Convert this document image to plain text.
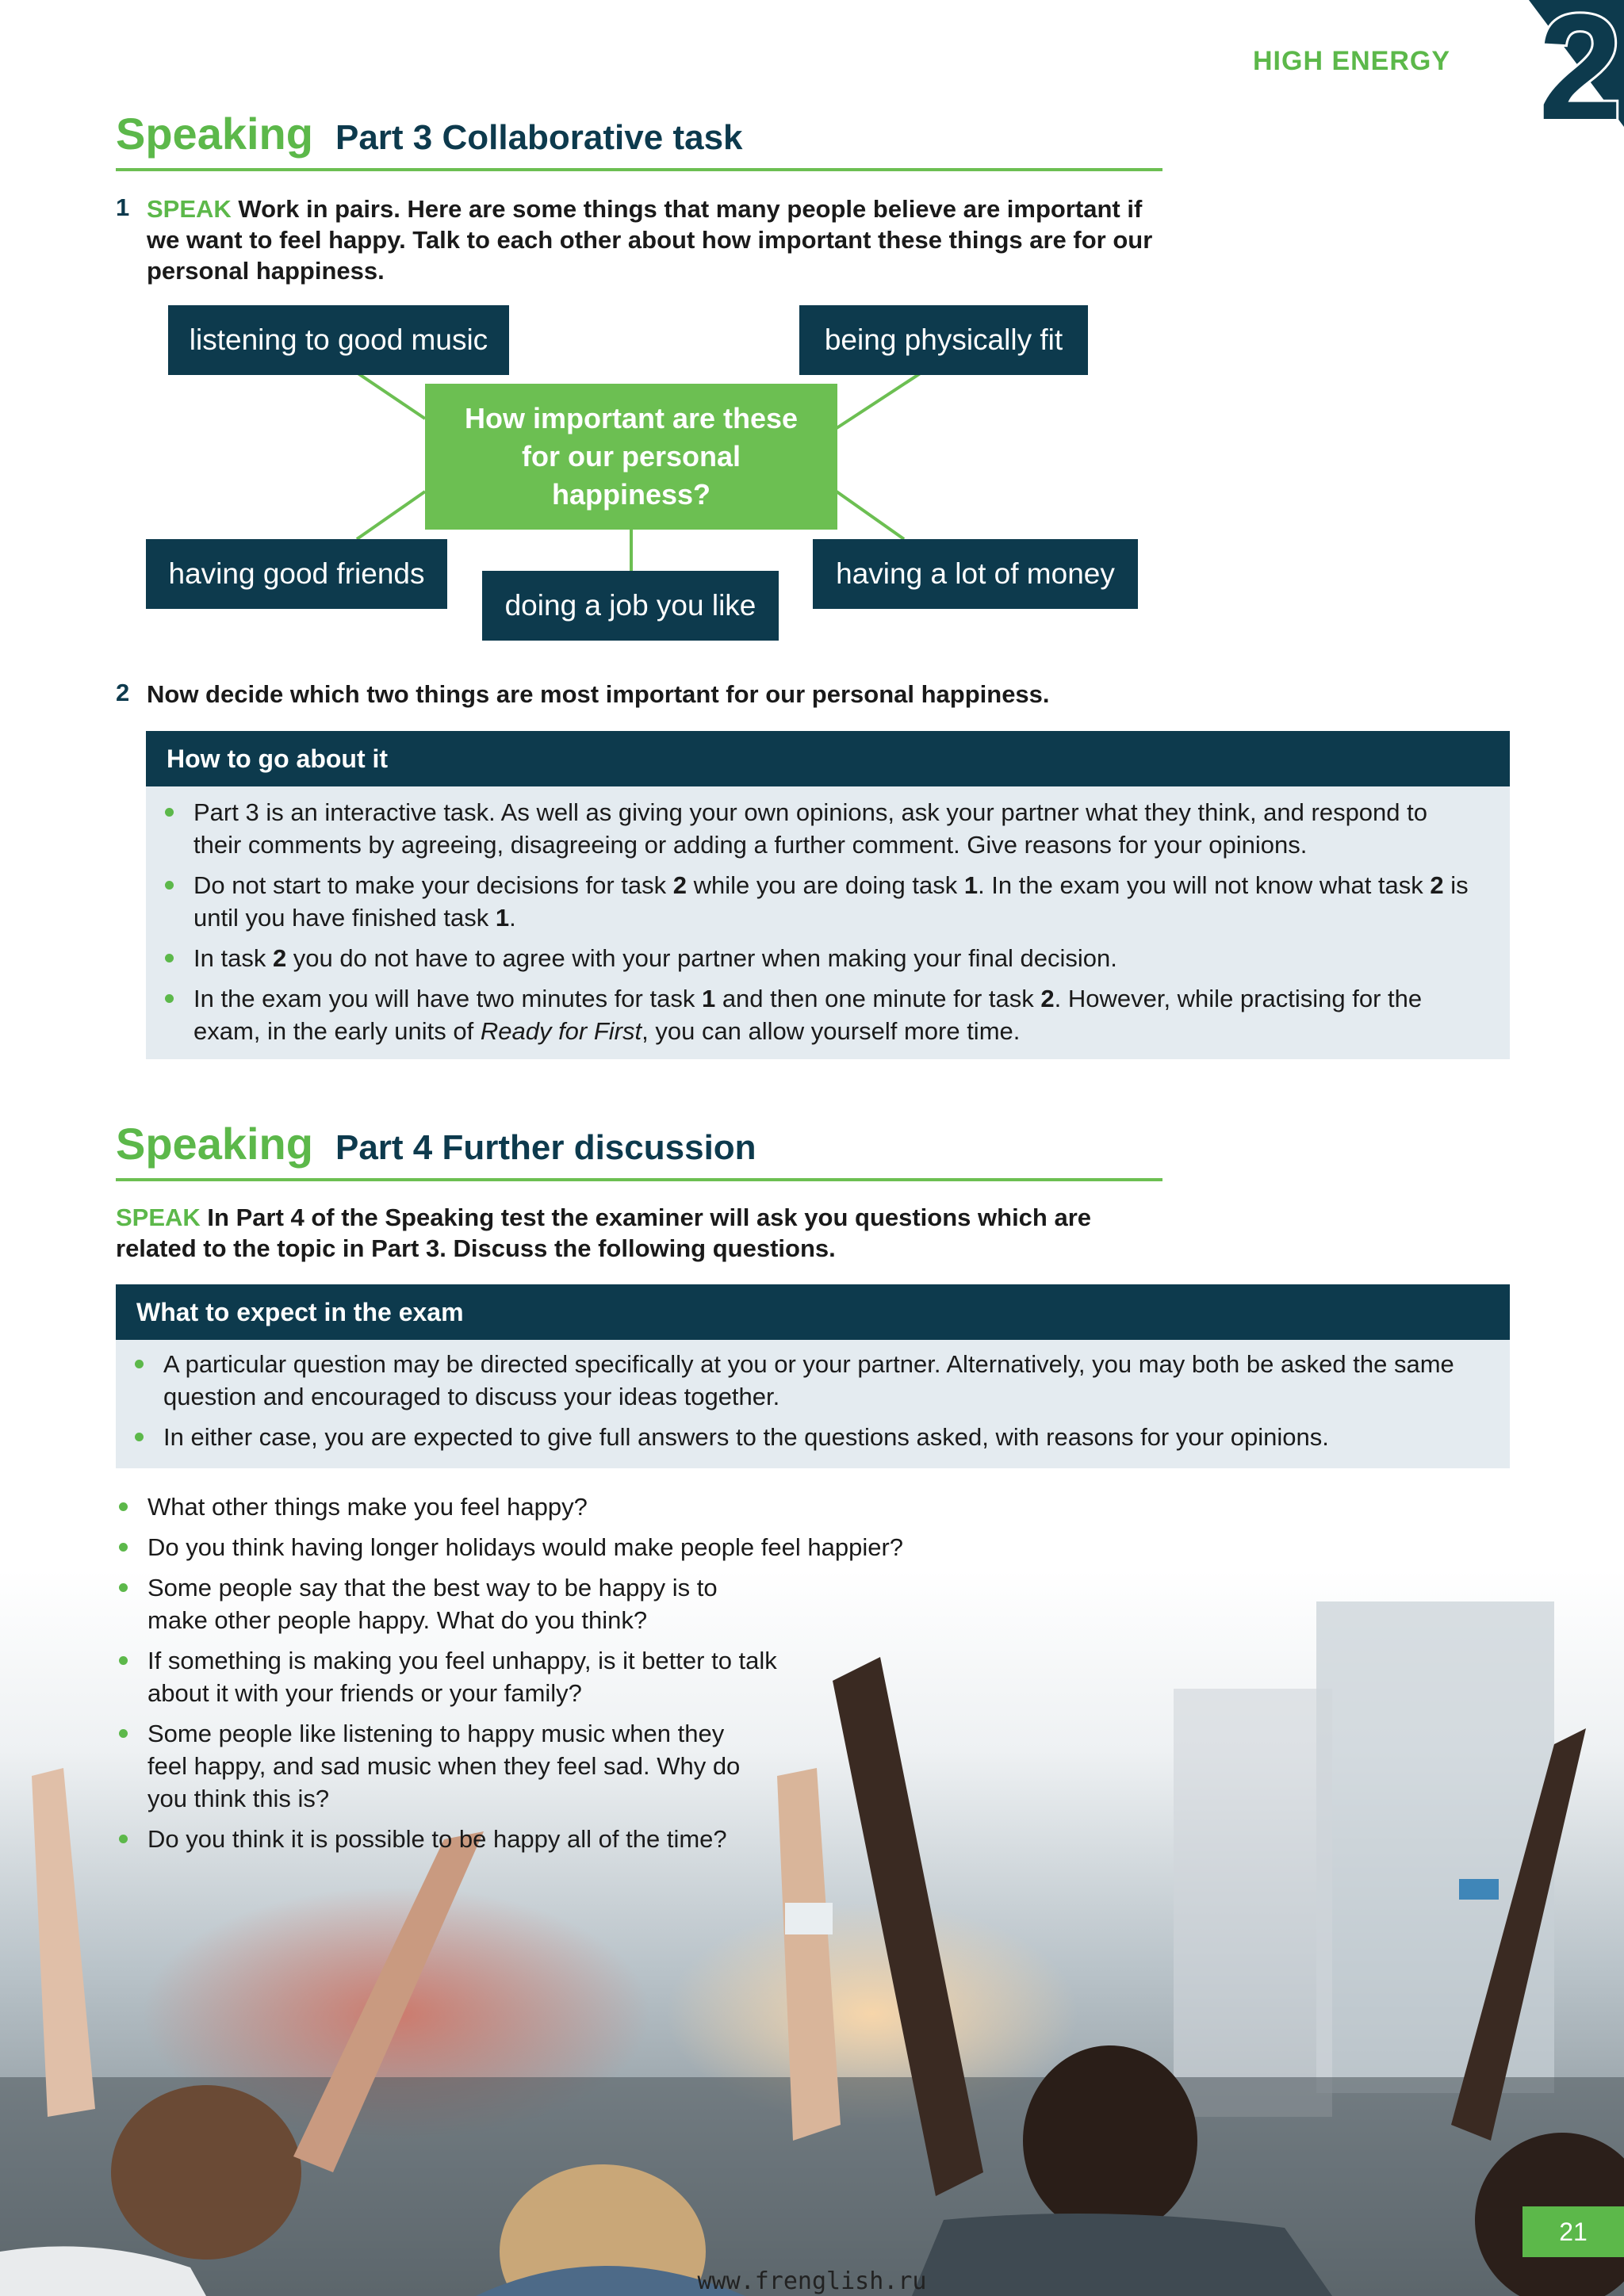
HIGH ENERGY 2
Speaking Part 3 Collaborative task
1 SPEAK Work in pairs. Here are some things that many people believe are important if we want to feel happy. Talk to each other about how important these things are for our personal happiness.
listening to good music	being physically fit
How important are these for our personal happiness?
having good friends
doing a job you like
having a lot of money
2 Now decide which two things are most important for our personal happiness.
How to go about it
Part 3 is an interactive task. As well as giving your own opinions, ask your partner what they think, and respond to their comments by agreeing, disagreeing or adding a further comment. Give reasons for your opinions.
Do not start to make your decisions for task 2 while you are doing task 1. In the exam you will not know what task 2 is until you have finished task 1.
In task 2 you do not have to agree with your partner when making your final decision.
In the exam you will have two minutes for task 1 and then one minute for task 2. However, while practising for the exam, in the early units of Ready for First, you can allow yourself more time.
Speaking Part 4 Further discussion
SPEAK In Part 4 of the Speaking test the examiner will ask you questions which are related to the topic in Part 3. Discuss the following questions.
What to expect in the exam
A particular question may be directed specifically at you or your partner. Alternatively, you may both be asked the same question and encouraged to discuss your ideas together.
In either case, you are expected to give full answers to the questions asked, with reasons for your opinions.
What other things make you feel happy?
Do you think having longer holidays would make people feel happier?
Some people say that the best way to be happy is to make other people happy. What do you think?
If something is making you feel unhappy, is it better to talk about it with your friends or your family?
Some people like listening to happy music when they feel happy, and sad music when they feel sad. Why do you think this is?
Do you think it is possible to be happy all of the time?
21
www.frenglish.ru
